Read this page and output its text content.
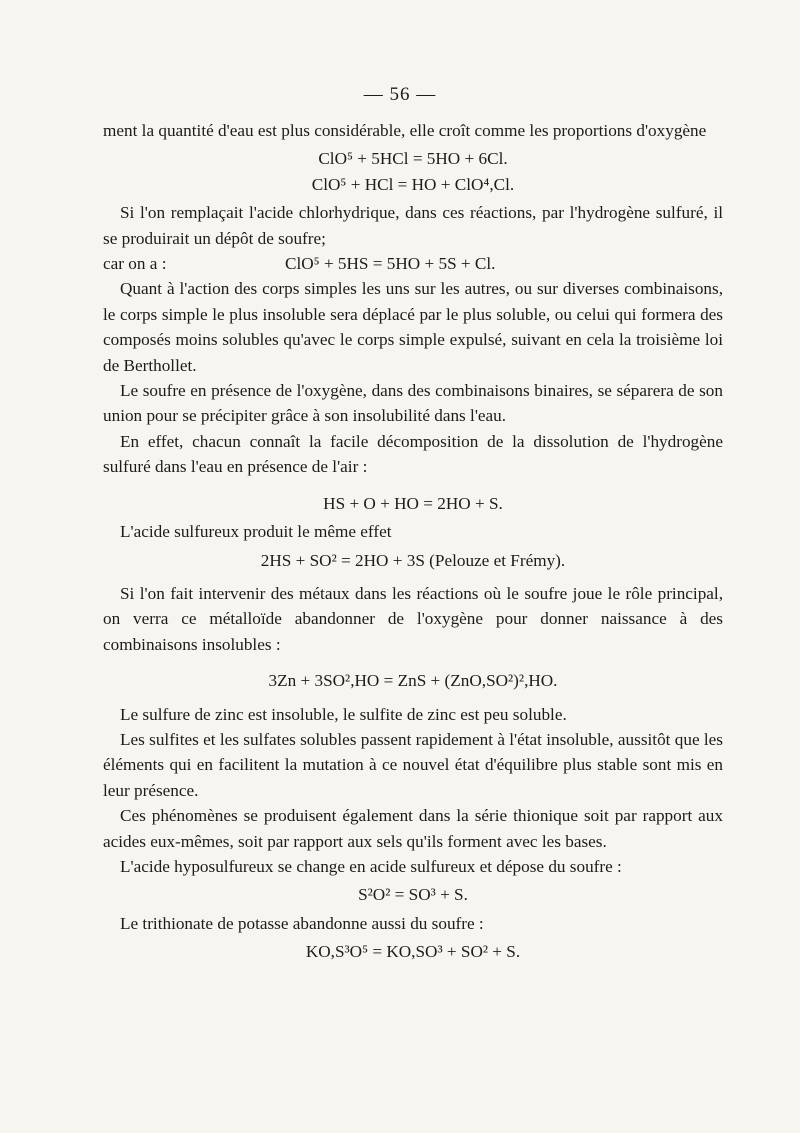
— 56 —

ment la quantité d'eau est plus considérable, elle croît comme les proportions d'oxygène

ClO⁵ + 5HCl = 5HO + 6Cl.

ClO⁵ + HCl = HO + ClO⁴,Cl.

Si l'on remplaçait l'acide chlorhydrique, dans ces réactions, par l'hydrogène sulfuré, il se produirait un dépôt de soufre;

car on a :	ClO⁵ + 5HS = 5HO + 5S + Cl.

Quant à l'action des corps simples les uns sur les autres, ou sur diverses combinaisons, le corps simple le plus insoluble sera déplacé par le plus soluble, ou celui qui formera des composés moins solubles qu'avec le corps simple expulsé, suivant en cela la troisième loi de Berthollet.

Le soufre en présence de l'oxygène, dans des combinaisons binaires, se séparera de son union pour se précipiter grâce à son insolubilité dans l'eau.

En effet, chacun connaît la facile décomposition de la dissolution de l'hydrogène sulfuré dans l'eau en présence de l'air :

HS + O + HO = 2HO + S.

L'acide sulfureux produit le même effet

2HS + SO² = 2HO + 3S (Pelouze et Frémy).

Si l'on fait intervenir des métaux dans les réactions où le soufre joue le rôle principal, on verra ce métalloïde abandonner de l'oxygène pour donner naissance à des combinaisons insolubles :

3Zn + 3SO²,HO = ZnS + (ZnO,SO²)²,HO.

Le sulfure de zinc est insoluble, le sulfite de zinc est peu soluble.

Les sulfites et les sulfates solubles passent rapidement à l'état insoluble, aussitôt que les éléments qui en facilitent la mutation à ce nouvel état d'équilibre plus stable sont mis en leur présence.

Ces phénomènes se produisent également dans la série thionique soit par rapport aux acides eux-mêmes, soit par rapport aux sels qu'ils forment avec les bases.

L'acide hyposulfureux se change en acide sulfureux et dépose du soufre :

S²O² = SO³ + S.

Le trithionate de potasse abandonne aussi du soufre :

KO,S³O⁵ = KO,SO³ + SO² + S.
